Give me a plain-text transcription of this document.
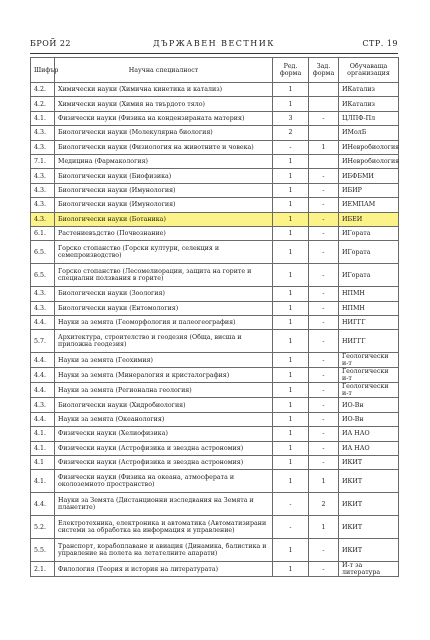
БРОЙ 22	ДЪРЖАВЕН ВЕСТНИК	СТР. 19
Шифър	Научна специалност	Ред. форма	Зад. форма	Обучаваща организация
4.2.	Химически науки (Химична кинетика и катализ)	1		ИКатализ
4.2.	Химически науки (Химия на твърдото тяло)	1		ИКатализ
4.1.	Физически науки (Физика на кондензираната материя)	3	-	ЦЛПФ-Пл
4.3.	Биологически науки (Молекулярна биология)	2		ИМолБ
4.3.	Биологически науки (Физиология на животните и човека)	-	1	ИНевробиология
7.1.	Медицина (Фармакология)	1		ИНевробиология
4.3.	Биологически науки (Биофизика)	1	-	ИБФБМИ
4.3.	Биологически науки (Имунология)	1	-	ИБИР
4.3.	Биологически науки (Имунология)	1	-	ИЕМПАМ
4.3.	Биологически науки (Ботаника)	1	-	ИБЕИ
6.1.	Растениевъдство (Почвознание)	1	-	ИГората
6.5.	Горско стопанство (Горски култури, селекция и семепроизводство)	1	-	ИГората
6.5.	Горско стопанство (Лесомелиорации, защита на горите и специални ползвания в горите)	1	-	ИГората
4.3.	Биологически науки (Зоология)	1	-	НПМН
4.3.	Биологически науки (Ентомология)	1	-	НПМН
4.4.	Науки за земята (Геоморфология и палеогеография)	1	-	НИГГГ
5.7.	Архитектура, строителство и геодезия (Обща, висша и приложна геодезия)	1	-	НИГГГ
4.4.	Науки за земята (Геохимия)	1	-	Геологически и-т
4.4.	Науки за земята (Минералогия и кристалография)	1	-	Геологически и-т
4.4.	Науки за земята (Регионална геология)	1	-	Геологически и-т
4.3.	Биологически науки (Хидробиология)	1	-	ИО-Вн
4.4.	Науки за земята (Океанология)	1	-	ИО-Вн
4.1.	Физически науки (Хелиофизика)	1	-	ИА НАО
4.1.	Физически науки (Астрофизика и звездна астрономия)	1	-	ИА НАО
4.1	Физически науки (Астрофизика и звездна астрономия)	1	-	ИКИТ
4.1.	Физически науки (Физика на океана, атмосферата и околоземното пространство)	1	1	ИКИТ
4.4.	Науки за Земята (Дистанционни изследвания на Земята и планетите)	-	2	ИКИТ
5.2.	Електротехника, електроника и автоматика (Автоматизирани системи за обработка на информация и управление)	-	1	ИКИТ
5.5.	Транспорт, корабоплаване и авиация (Динамика, балистика и управление на полета на летателните апарати)	1	-	ИКИТ
2.1.	Филология (Теория и история на литературата)	1	-	И-т за литература
